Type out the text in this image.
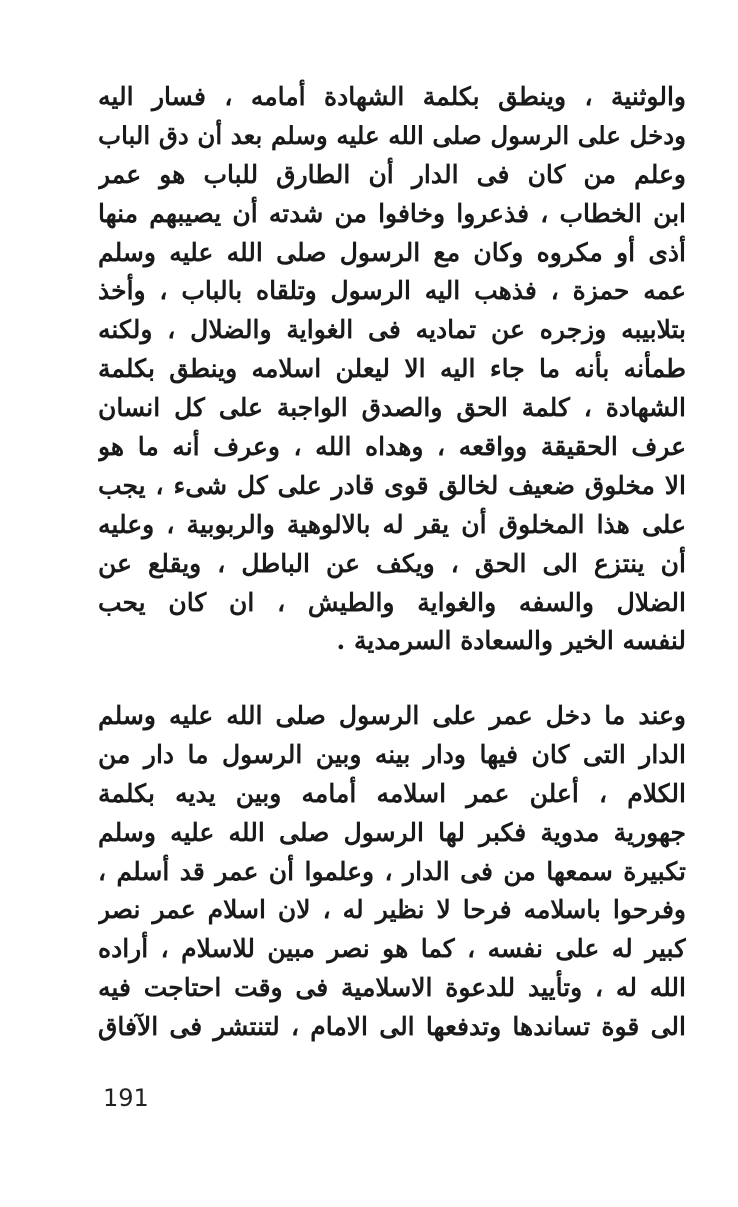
والوثنية ، وينطق بكلمة الشهادة أمامه ، فسار اليه
ودخل على الرسول صلى الله عليه وسلم بعد أن دق الباب
وعلم من كان فى الدار أن الطارق للباب هو عمر
ابن الخطاب ، فذعروا وخافوا من شدته أن يصيبهم منها
أذى أو مكروه وكان مع الرسول صلى الله عليه وسلم
عمه حمزة ، فذهب اليه الرسول وتلقاه بالباب ، وأخذ
بتلابيبه وزجره عن تماديه فى الغواية والضلال ، ولكنه
طمأنه بأنه ما جاء اليه الا ليعلن اسلامه وينطق بكلمة
الشهادة ، كلمة الحق والصدق الواجبة على كل انسان
عرف الحقيقة وواقعه ، وهداه الله ، وعرف أنه ما هو
الا مخلوق ضعيف لخالق قوى قادر على كل شىء ، يجب
على هذا المخلوق أن يقر له بالالوهية والربوبية ، وعليه
أن ينتزع الى الحق ، ويكف عن الباطل ، ويقلع عن
الضلال والسفه والغواية والطيش ، ان كان يحب
لنفسه الخير والسعادة السرمدية .
وعند ما دخل عمر على الرسول صلى الله عليه وسلم
الدار التى كان فيها ودار بينه وبين الرسول ما دار من
الكلام ، أعلن عمر اسلامه أمامه وبين يديه بكلمة
جهورية مدوية فكبر لها الرسول صلى الله عليه وسلم
تكبيرة سمعها من فى الدار ، وعلموا أن عمر قد أسلم ،
وفرحوا باسلامه فرحا لا نظير له ، لان اسلام عمر نصر
كبير له على نفسه ، كما هو نصر مبين للاسلام ، أراده
الله له ، وتأييد للدعوة الاسلامية فى وقت احتاجت فيه
الى قوة تساندها وتدفعها الى الامام ، لتنتشر فى الآفاق
191
